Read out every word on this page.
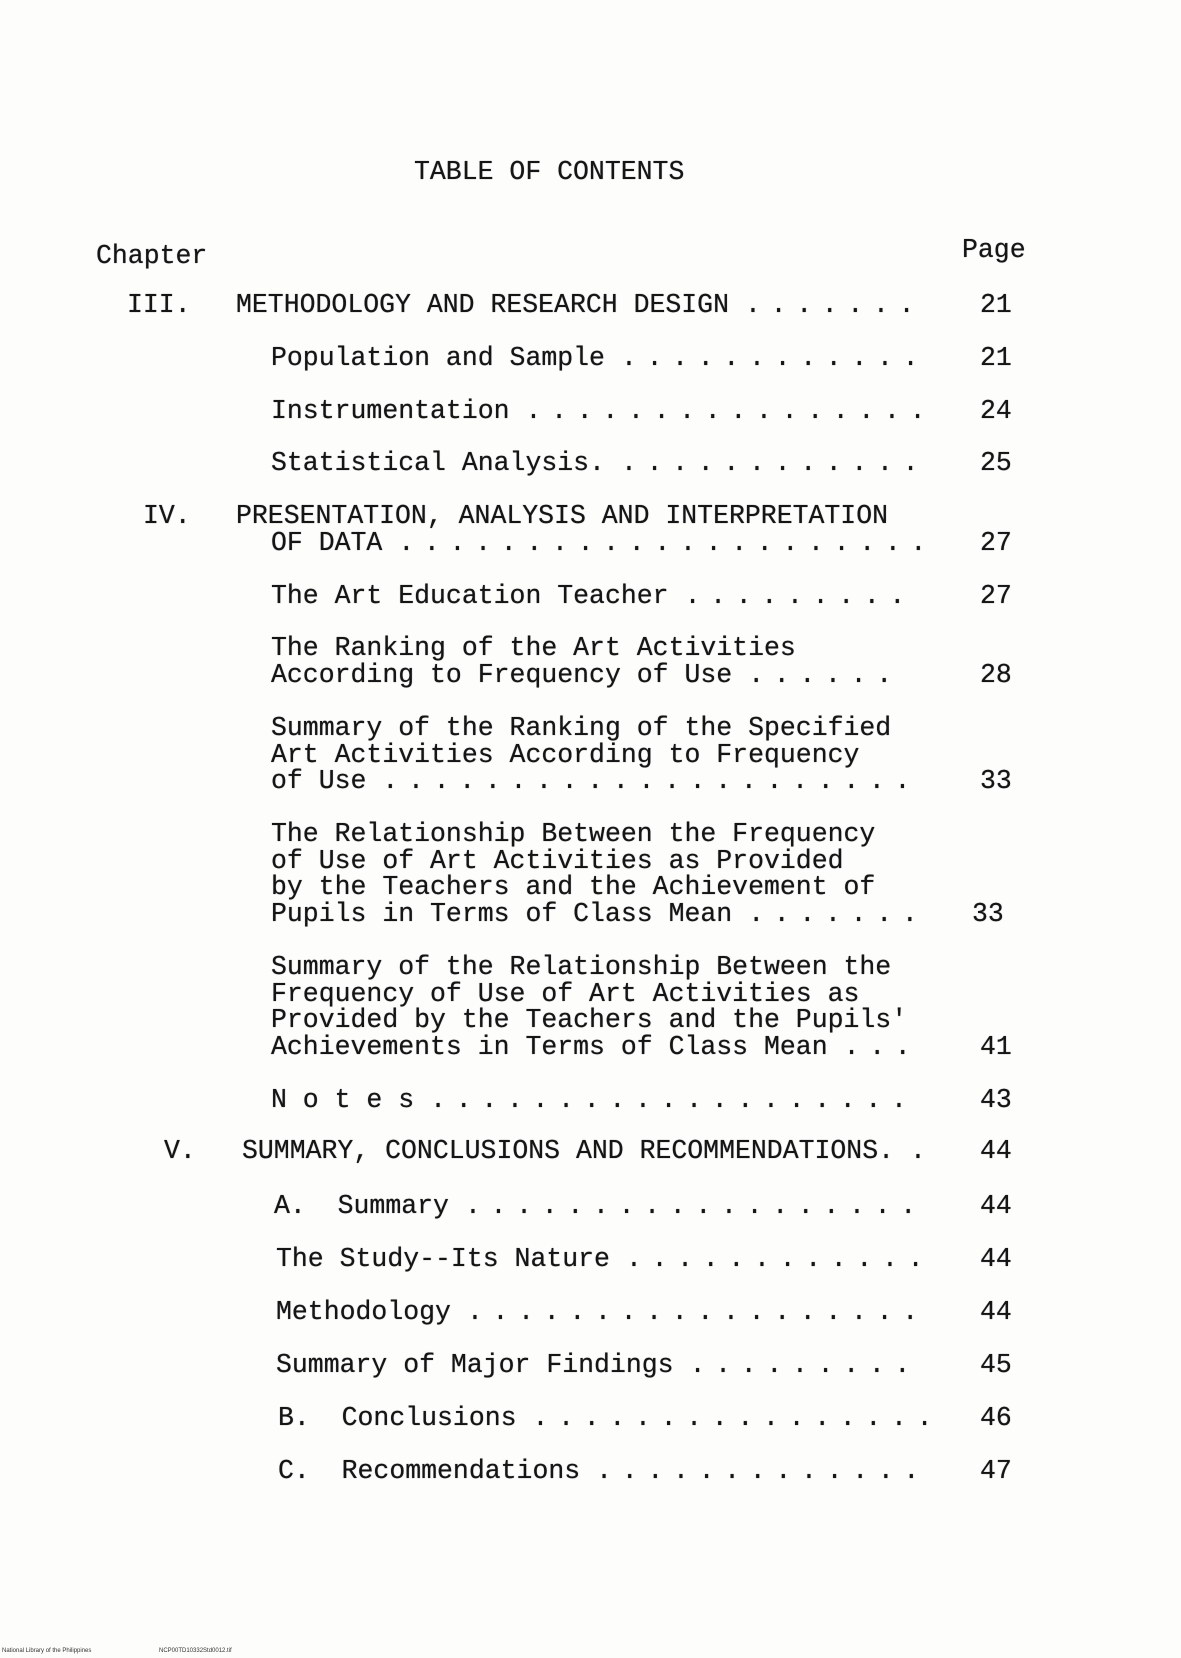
TABLE OF CONTENTS
Chapter	Page
III. METHODOLOGY AND RESEARCH DESIGN . . . . . . .	21
Population and Sample . . . . . . . . . . . .	21
Instrumentation . . . . . . . . . . . . . . . .	24
Statistical Analysis. . . . . . . . . . . . .	25
IV. PRESENTATION, ANALYSIS AND INTERPRETATION
OF DATA . . . . . . . . . . . . . . . . . . . . .	27
The Art Education Teacher . . . . . . . . .	27
The Ranking of the Art Activities
According to Frequency of Use . . . . . .	28
Summary of the Ranking of the Specified
Art Activities According to Frequency
of Use . . . . . . . . . . . . . . . . . . . . .	33
The Relationship Between the Frequency
of Use of Art Activities as Provided
by the Teachers and the Achievement of
Pupils in Terms of Class Mean . . . . . . .	33
Summary of the Relationship Between the
Frequency of Use of Art Activities as
Provided by the Teachers and the Pupils'
Achievements in Terms of Class Mean . . .	41
N o t e s . . . . . . . . . . . . . . . . . . .	43
V. SUMMARY, CONCLUSIONS AND RECOMMENDATIONS. .	44
A.  Summary . . . . . . . . . . . . . . . . . .	44
The Study--Its Nature . . . . . . . . . . . .	44
Methodology . . . . . . . . . . . . . . . . . .	44
Summary of Major Findings . . . . . . . . .	45
B.  Conclusions . . . . . . . . . . . . . . . .	46
C.  Recommendations . . . . . . . . . . . . .	47
National Library of the Philippines	NCP00TD10332Std0012.tif
